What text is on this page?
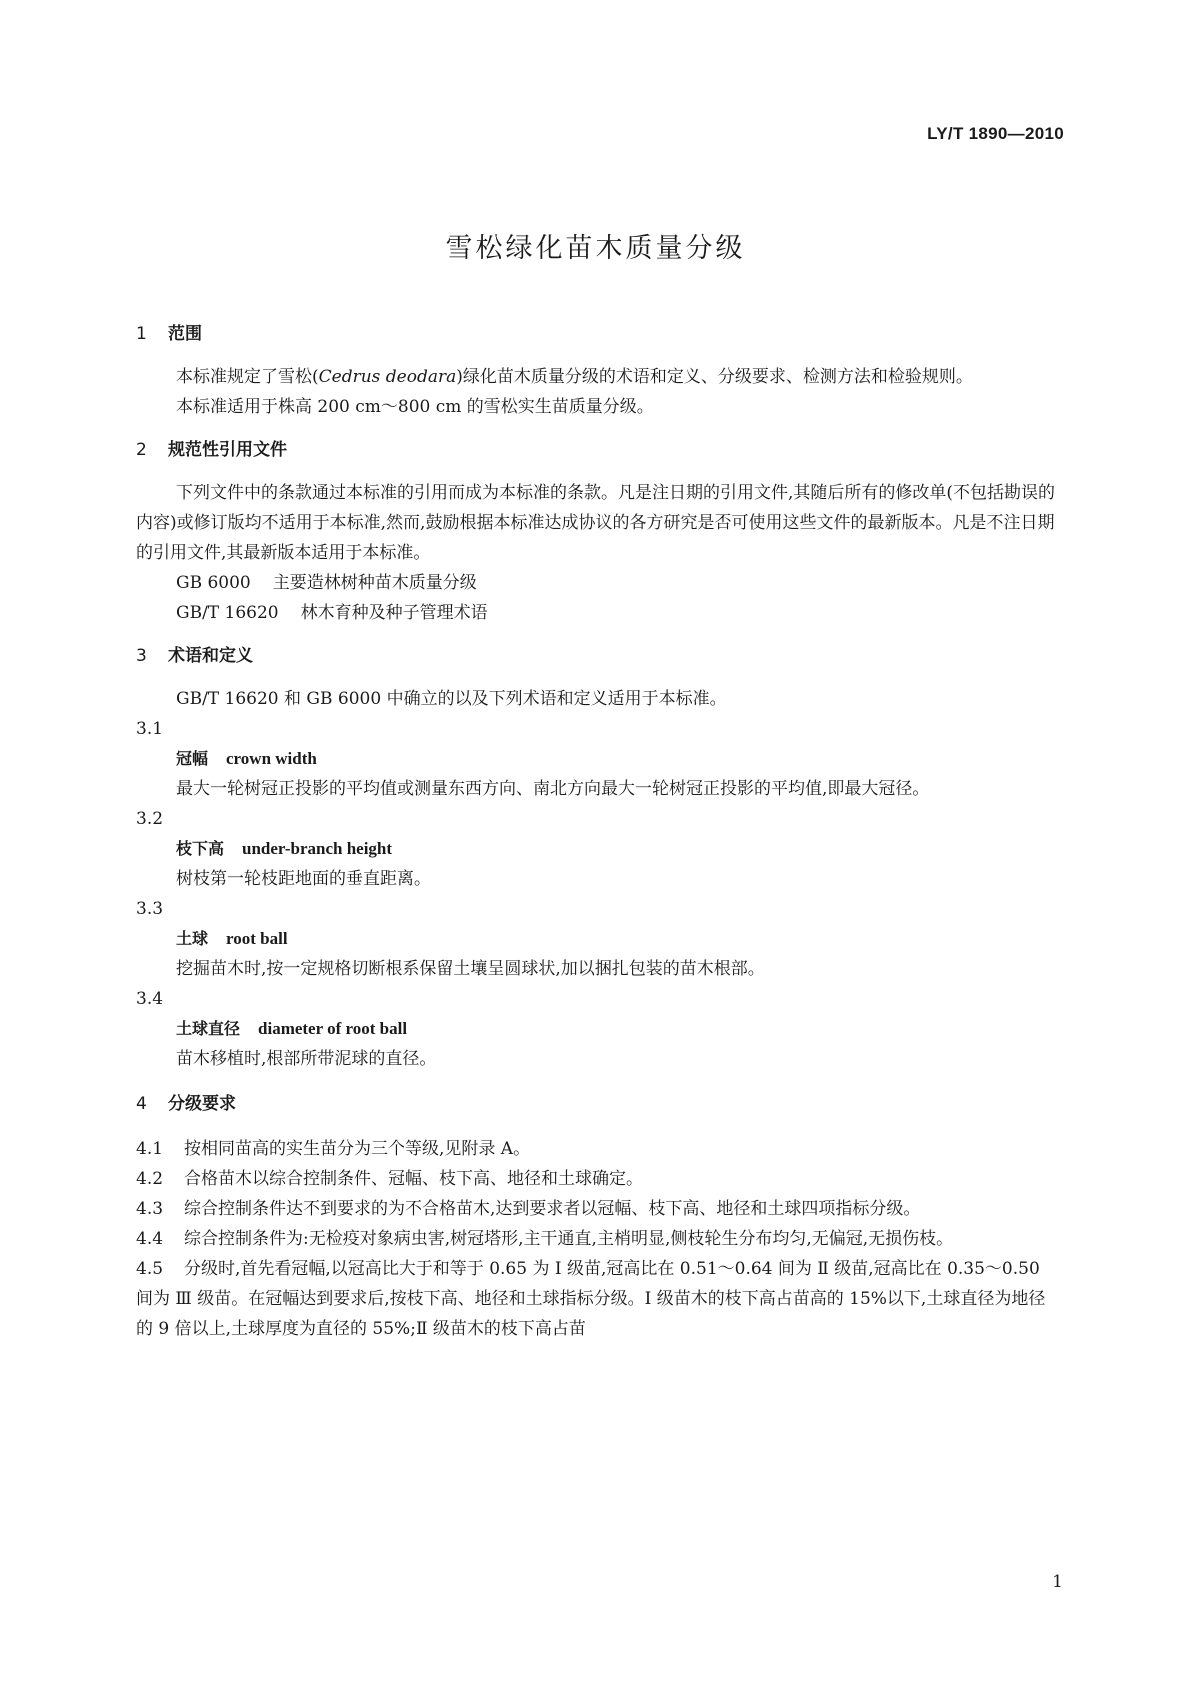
LY/T 1890—2010
雪松绿化苗木质量分级
1 范围

本标准规定了雪松(Cedrus deodara)绿化苗木质量分级的术语和定义、分级要求、检测方法和检验规则。

本标准适用于株高 200 cm～800 cm 的雪松实生苗质量分级。

2 规范性引用文件

下列文件中的条款通过本标准的引用而成为本标准的条款。凡是注日期的引用文件,其随后所有的修改单(不包括勘误的内容)或修订版均不适用于本标准,然而,鼓励根据本标准达成协议的各方研究是否可使用这些文件的最新版本。凡是不注日期的引用文件,其最新版本适用于本标准。

GB 6000 主要造林树种苗木质量分级

GB/T 16620 林木育种及种子管理术语

3 术语和定义

GB/T 16620 和 GB 6000 中确立的以及下列术语和定义适用于本标准。

3.1

冠幅 crown width

最大一轮树冠正投影的平均值或测量东西方向、南北方向最大一轮树冠正投影的平均值,即最大冠径。

3.2

枝下高 under-branch height

树枝第一轮枝距地面的垂直距离。

3.3

土球 root ball

挖掘苗木时,按一定规格切断根系保留土壤呈圆球状,加以捆扎包装的苗木根部。

3.4

土球直径 diameter of root ball

苗木移植时,根部所带泥球的直径。

4 分级要求

4.1 按相同苗高的实生苗分为三个等级,见附录 A。

4.2 合格苗木以综合控制条件、冠幅、枝下高、地径和土球确定。

4.3 综合控制条件达不到要求的为不合格苗木,达到要求者以冠幅、枝下高、地径和土球四项指标分级。

4.4 综合控制条件为:无检疫对象病虫害,树冠塔形,主干通直,主梢明显,侧枝轮生分布均匀,无偏冠,无损伤枝。

4.5 分级时,首先看冠幅,以冠高比大于和等于 0.65 为 Ⅰ 级苗,冠高比在 0.51～0.64 间为 Ⅱ 级苗,冠高比在 0.35～0.50 间为 Ⅲ 级苗。在冠幅达到要求后,按枝下高、地径和土球指标分级。Ⅰ 级苗木的枝下高占苗高的 15%以下,土球直径为地径的 9 倍以上,土球厚度为直径的 55%;Ⅱ 级苗木的枝下高占苗

1
